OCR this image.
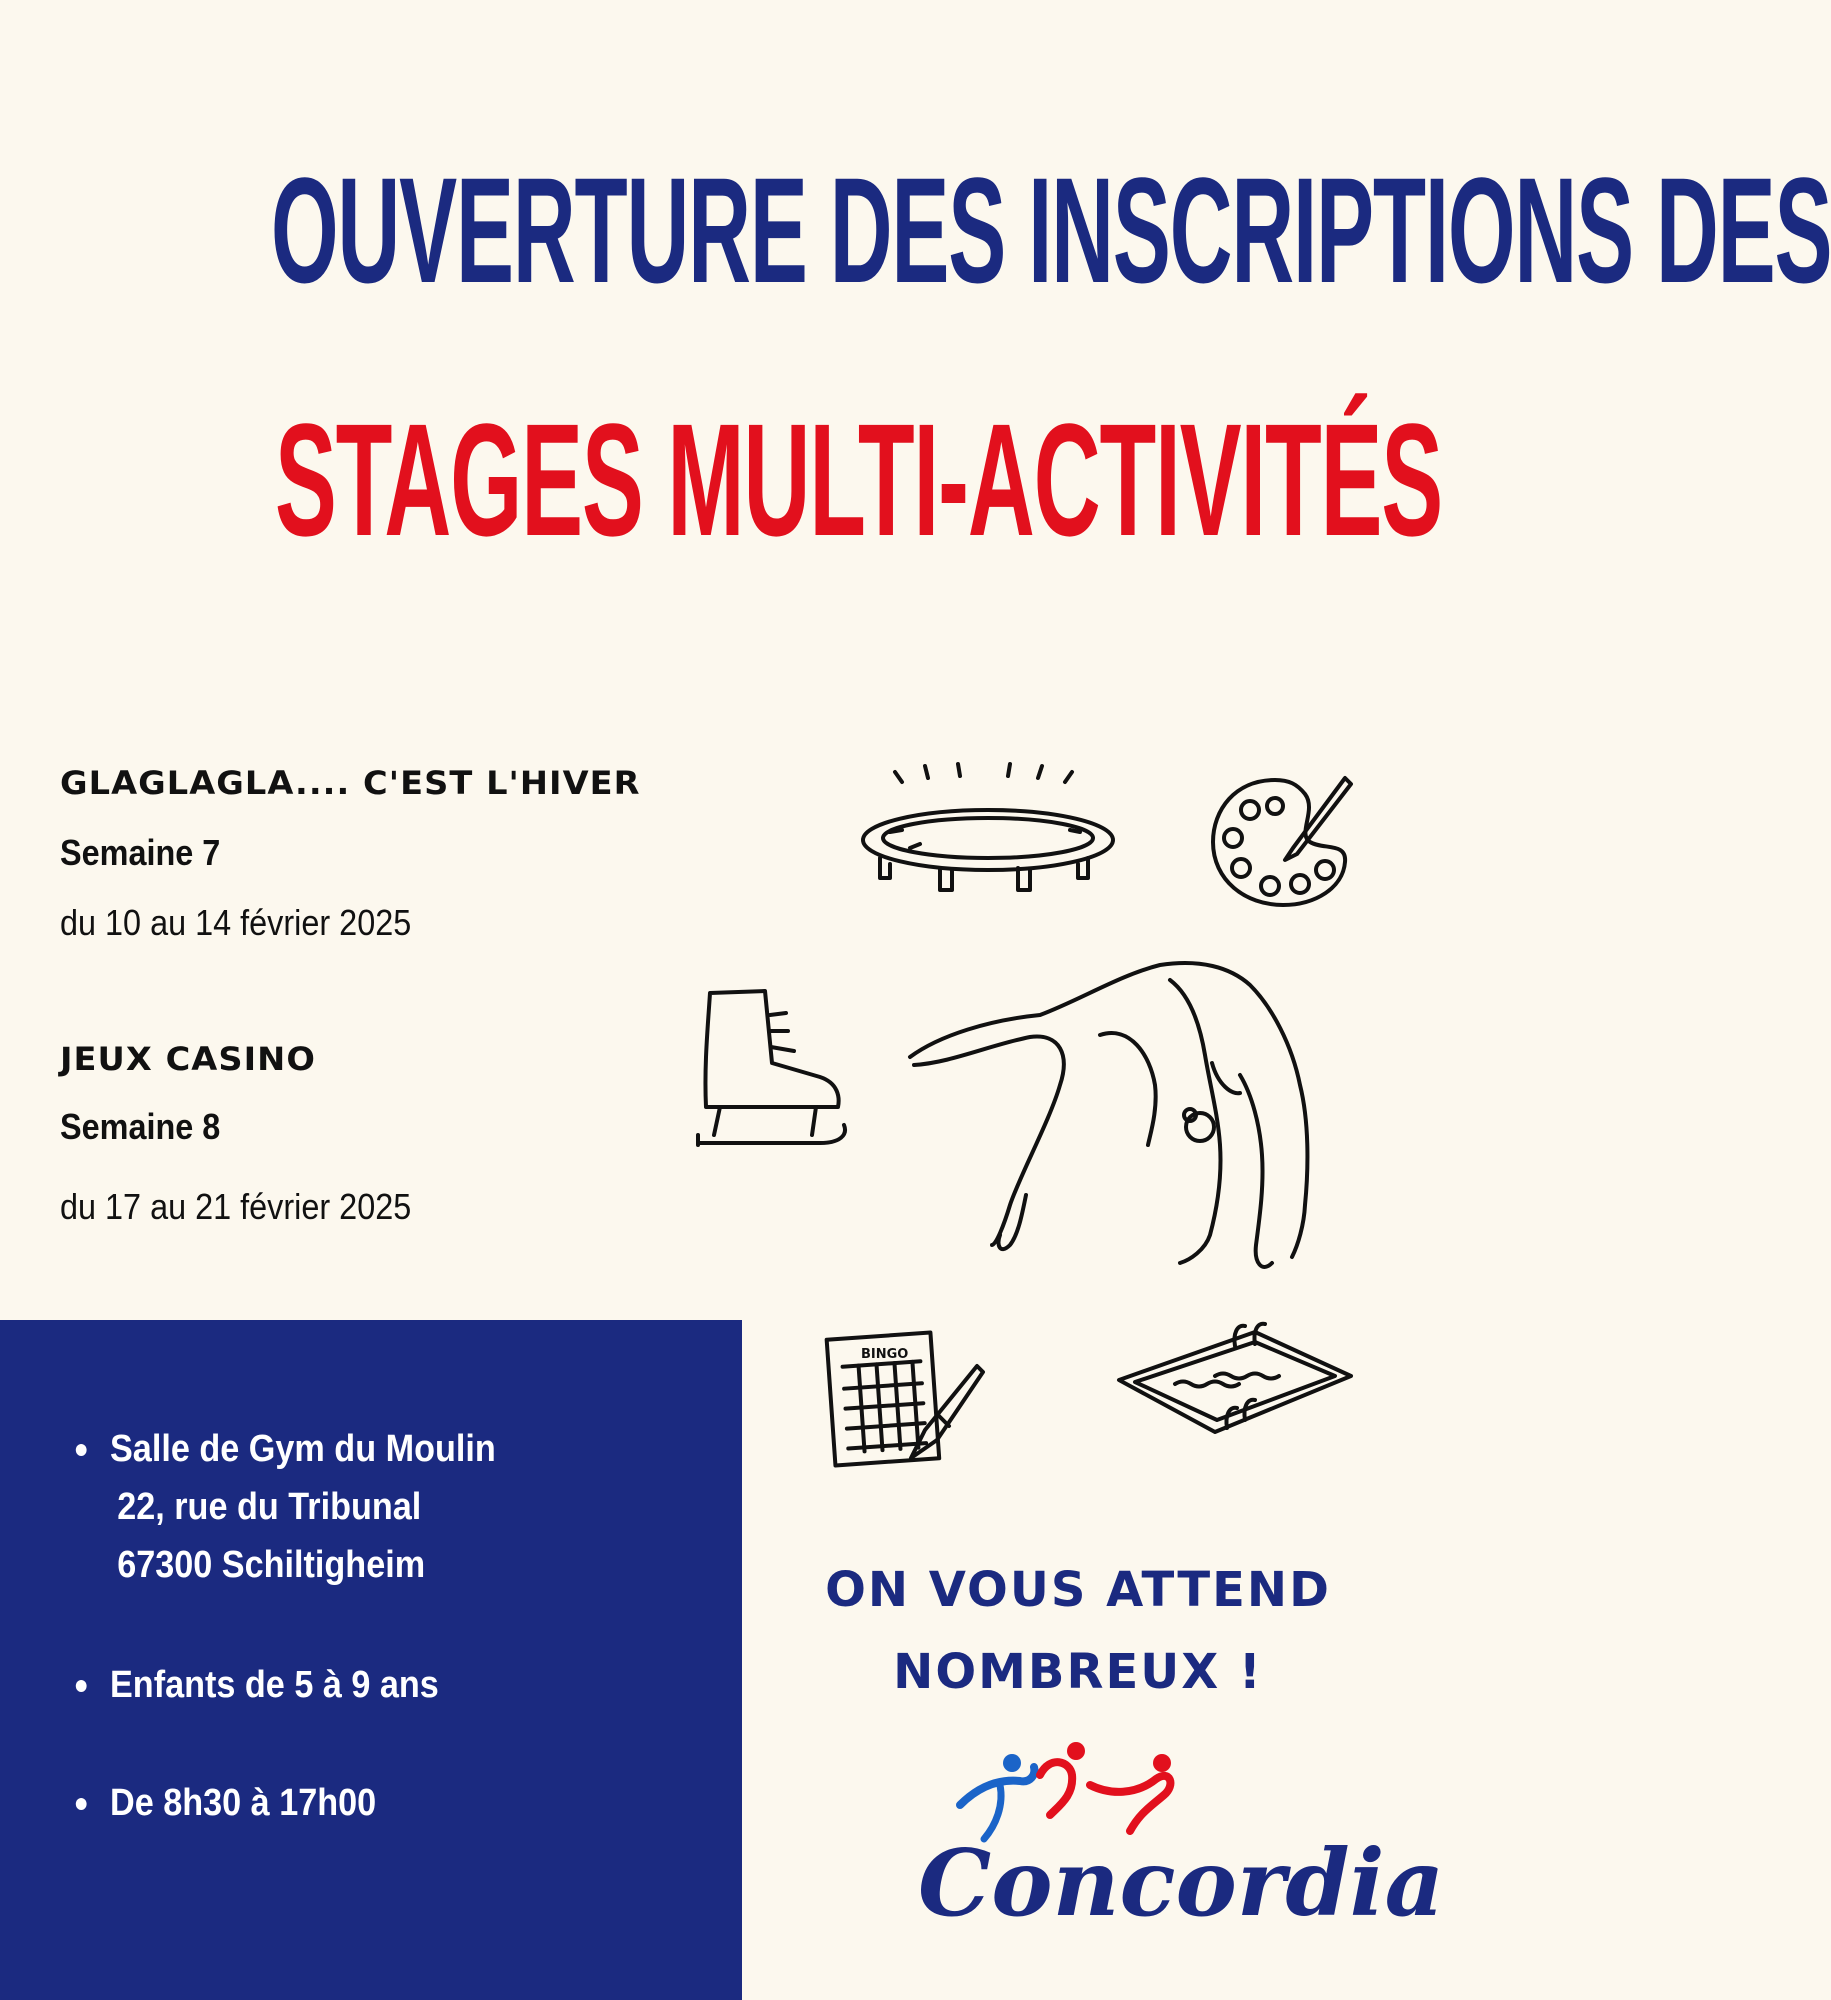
OUVERTURE DES INSCRIPTIONS DES
STAGES MULTI-ACTIVITÉS
GLAGLAGLA.... C'EST L'HIVER
Semaine 7
du 10 au 14 février 2025
JEUX CASINO
Semaine 8
du 17 au 21 février 2025
Salle de Gym du Moulin
22, rue du Tribunal
67300 Schiltigheim
Enfants de 5 à 9 ans
De 8h30 à 17h00
ON VOUS ATTEND
NOMBREUX !
BINGO
Concordia
